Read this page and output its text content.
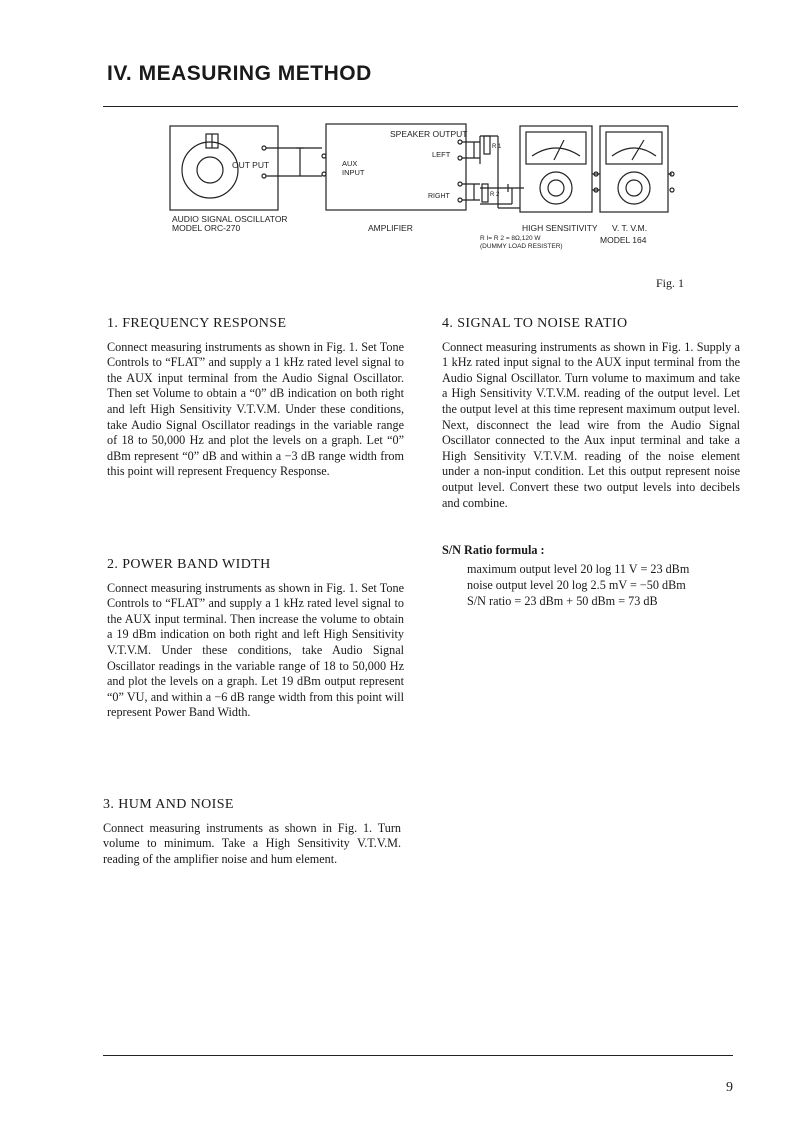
IV. MEASURING METHOD
OUT PUT
AUDIO SIGNAL OSCILLATOR
MODEL ORC-270
AUX
INPUT
AMPLIFIER
SPEAKER OUTPUT
LEFT
RIGHT
R 1
R 2
HIGH SENSITIVITY V. T. V.M.
MODEL 164
R I= R 2 = 8Ω,120 W
(DUMMY LOAD RESISTER)
Fig. 1
1. FREQUENCY RESPONSE

Connect measuring instruments as shown in Fig. 1. Set Tone Controls to “FLAT” and supply a 1 kHz rated level signal to the AUX input terminal from the Audio Signal Oscillator. Then set Volume to obtain a “0” dB indication on both right and left High Sensitivity V.T.V.M. Under these conditions, take Audio Signal Oscillator readings in the variable range of 18 to 50,000 Hz and plot the levels on a graph. Let “0” dBm represent “0” dB and within a −3 dB range width from this point will represent Frequency Response.

2. POWER BAND WIDTH

Connect measuring instruments as shown in Fig. 1. Set Tone Controls to “FLAT” and supply a 1 kHz rated level signal to the AUX input terminal. Then increase the volume to obtain a 19 dBm indication on both right and left High Sensitivity V.T.V.M. Under these conditions, take Audio Signal Oscillator readings in the variable range of 18 to 50,000 Hz and plot the levels on a graph. Let 19 dBm output represent “0” VU, and within a −6 dB range width from this point will represent Power Band Width.

3. HUM AND NOISE

Connect measuring instruments as shown in Fig. 1. Turn volume to minimum. Take a High Sensitivity V.T.V.M. reading of the amplifier noise and hum element.

4. SIGNAL TO NOISE RATIO

Connect measuring instruments as shown in Fig. 1. Supply a 1 kHz rated input signal to the AUX input terminal from the Audio Signal Oscillator. Turn volume to maximum and take a High Sensitivity V.T.V.M. reading of the output level. Let the output level at this time represent maximum output level. Next, disconnect the lead wire from the Audio Signal Oscillator connected to the Aux input terminal and take a High Sensitivity V.T.V.M. reading of the noise element under a non-input condition. Let this output represent noise output level. Convert these two output levels into decibels and combine.

S/N Ratio formula :
maximum output level 20 log 11 V = 23 dBm
noise output level 20 log 2.5 mV = −50 dBm
S/N ratio = 23 dBm + 50 dBm = 73 dB
9
